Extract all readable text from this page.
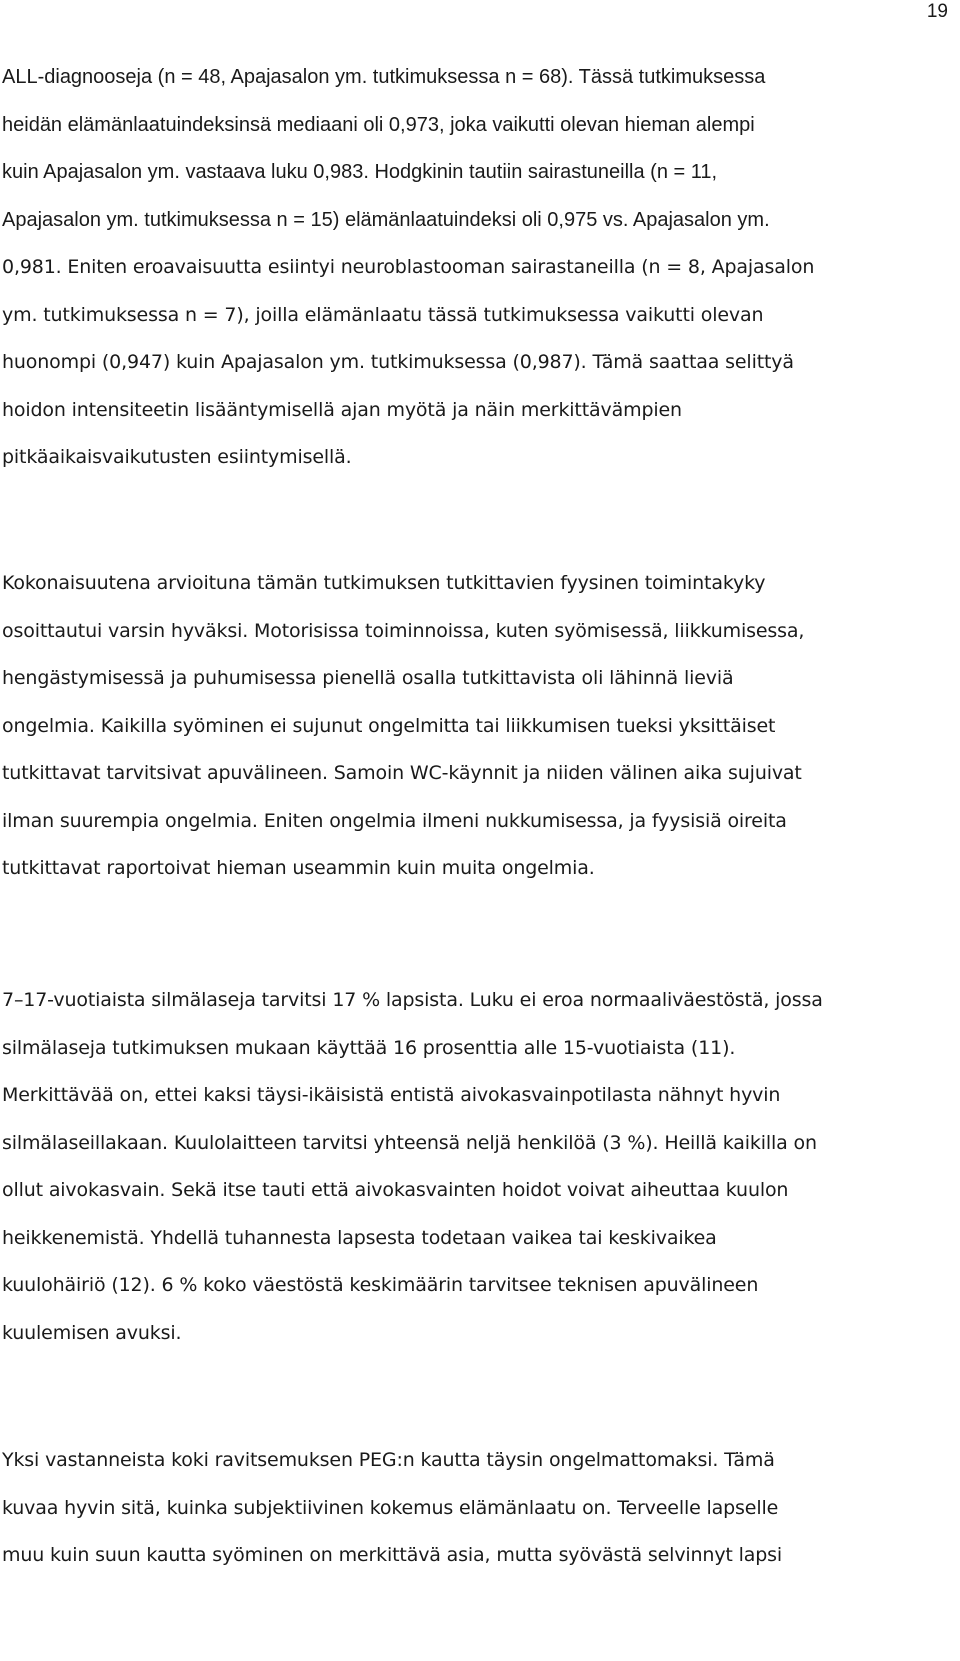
19
ALL-diagnooseja (n = 48, Apajasalon ym. tutkimuksessa n = 68). Tässä tutkimuksessa
heidän elämänlaatuindeksinsä mediaani oli 0,973, joka vaikutti olevan hieman alempi
kuin Apajasalon ym. vastaava luku 0,983. Hodgkinin tautiin sairastuneilla (n = 11,
Apajasalon ym. tutkimuksessa n = 15) elämänlaatuindeksi oli 0,975 vs. Apajasalon ym.
0,981. Eniten eroavaisuutta esiintyi neuroblastooman sairastaneilla (n = 8, Apajasalon
ym. tutkimuksessa n = 7), joilla elämänlaatu tässä tutkimuksessa vaikutti olevan
huonompi (0,947) kuin Apajasalon ym. tutkimuksessa (0,987). Tämä saattaa selittyä
hoidon intensiteetin lisääntymisellä ajan myötä ja näin merkittävämpien
pitkäaikaisvaikutusten esiintymisellä.
Kokonaisuutena arvioituna tämän tutkimuksen tutkittavien fyysinen toimintakyky
osoittautui varsin hyväksi. Motorisissa toiminnoissa, kuten syömisessä, liikkumisessa,
hengästymisessä ja puhumisessa pienellä osalla tutkittavista oli lähinnä lieviä
ongelmia. Kaikilla syöminen ei sujunut ongelmitta tai liikkumisen tueksi yksittäiset
tutkittavat tarvitsivat apuvälineen. Samoin WC-käynnit ja niiden välinen aika sujuivat
ilman suurempia ongelmia. Eniten ongelmia ilmeni nukkumisessa, ja fyysisiä oireita
tutkittavat raportoivat hieman useammin kuin muita ongelmia.
7–17-vuotiaista silmälaseja tarvitsi 17 % lapsista. Luku ei eroa normaaliväestöstä, jossa
silmälaseja tutkimuksen mukaan käyttää 16 prosenttia alle 15-vuotiaista (11).
Merkittävää on, ettei kaksi täysi-ikäisistä entistä aivokasvainpotilasta nähnyt hyvin
silmälaseillakaan. Kuulolaitteen tarvitsi yhteensä neljä henkilöä (3 %). Heillä kaikilla on
ollut aivokasvain. Sekä itse tauti että aivokasvainten hoidot voivat aiheuttaa kuulon
heikkenemistä. Yhdellä tuhannesta lapsesta todetaan vaikea tai keskivaikea
kuulohäiriö (12). 6 % koko väestöstä keskimäärin tarvitsee teknisen apuvälineen
kuulemisen avuksi.
Yksi vastanneista koki ravitsemuksen PEG:n kautta täysin ongelmattomaksi. Tämä
kuvaa hyvin sitä, kuinka subjektiivinen kokemus elämänlaatu on. Terveelle lapselle
muu kuin suun kautta syöminen on merkittävä asia, mutta syövästä selvinnyt lapsi
